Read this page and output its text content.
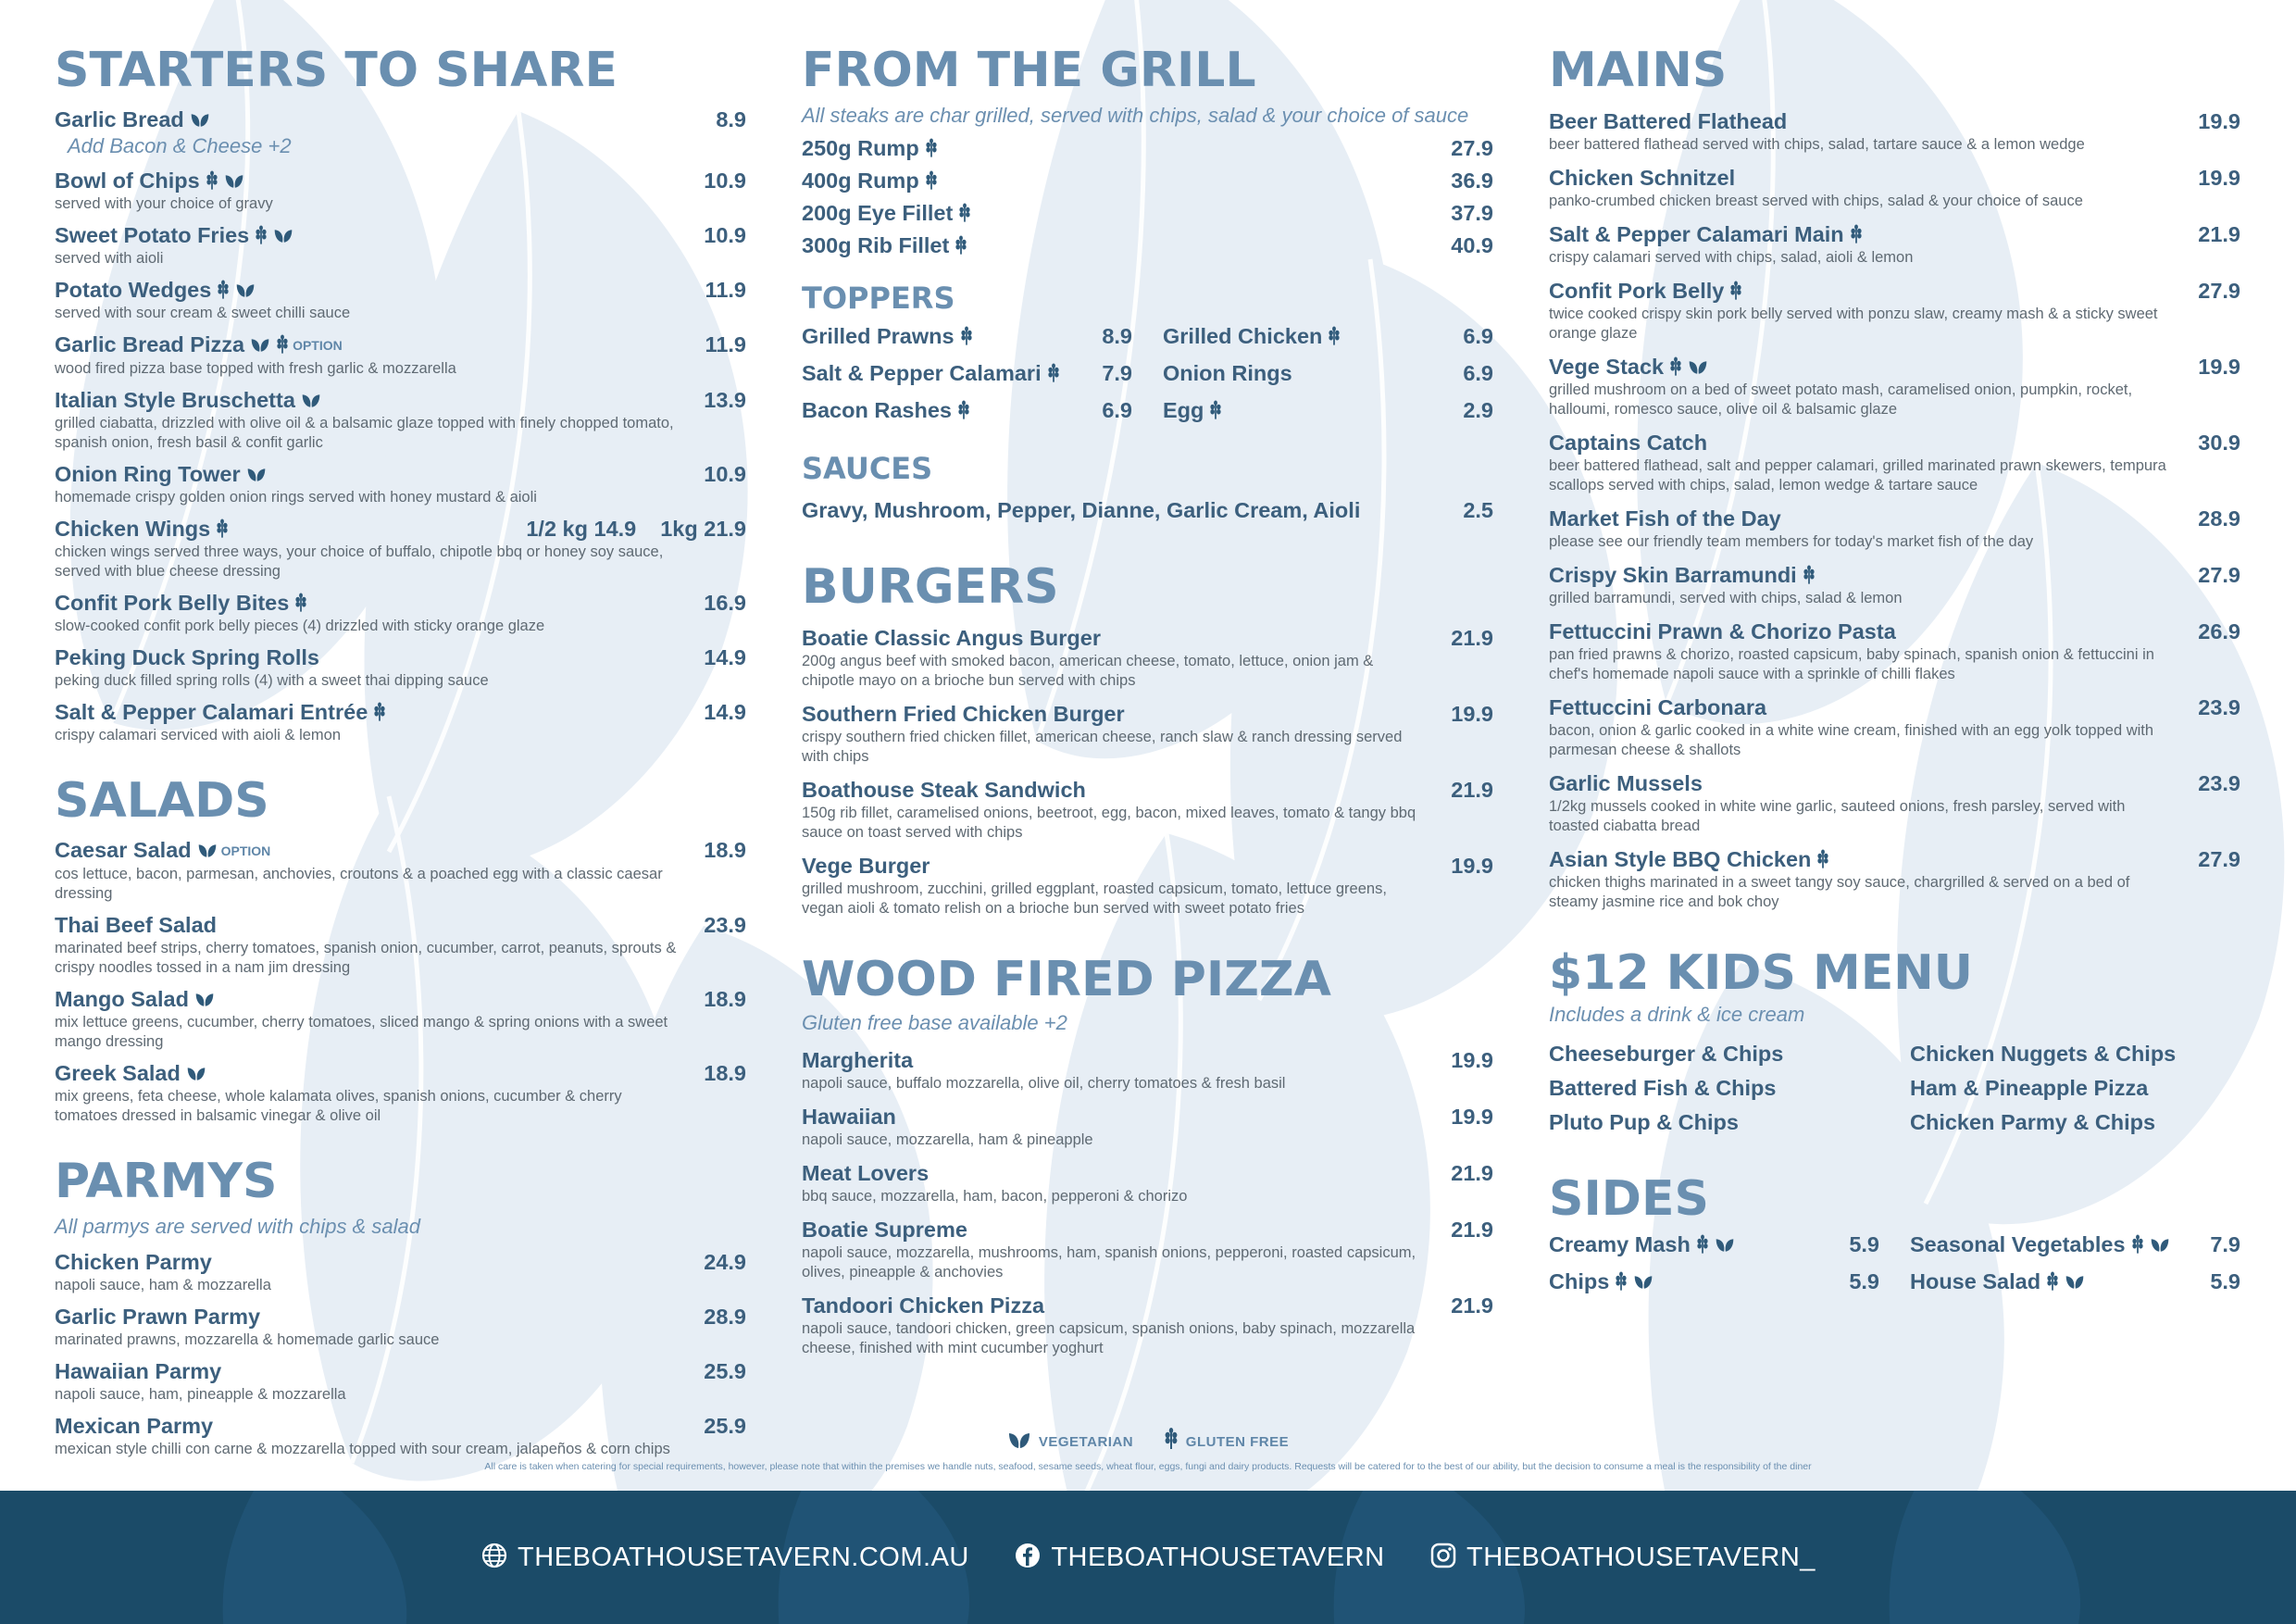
STARTERS TO SHARE
Garlic Bread	8.9
Add Bacon & Cheese +2
Bowl of Chips	10.9
served with your choice of gravy
Sweet Potato Fries	10.9
served with aioli
Potato Wedges	11.9
served with sour cream & sweet chilli sauce
Garlic Bread Pizza	OPTION	11.9
wood fired pizza base topped with fresh garlic & mozzarella
Italian Style Bruschetta	13.9
grilled ciabatta, drizzled with olive oil & a balsamic glaze topped with finely chopped tomato, spanish onion, fresh basil & confit garlic
Onion Ring Tower	10.9
homemade crispy golden onion rings served with honey mustard & aioli
Chicken Wings	1/2 kg 14.9 1kg 21.9
chicken wings served three ways, your choice of buffalo, chipotle bbq or honey soy sauce, served with blue cheese dressing
Confit Pork Belly Bites	16.9
slow-cooked confit pork belly pieces (4) drizzled with sticky orange glaze
Peking Duck Spring Rolls	14.9
peking duck filled spring rolls (4) with a sweet thai dipping sauce
Salt & Pepper Calamari Entrée	14.9
crispy calamari serviced with aioli & lemon
SALADS
Caesar Salad OPTION	18.9
cos lettuce, bacon, parmesan, anchovies, croutons & a poached egg with a classic caesar dressing
Thai Beef Salad	23.9
marinated beef strips, cherry tomatoes, spanish onion, cucumber, carrot, peanuts, sprouts & crispy noodles tossed in a nam jim dressing
Mango Salad	18.9
mix lettuce greens, cucumber, cherry tomatoes, sliced mango & spring onions with a sweet mango dressing
Greek Salad	18.9
mix greens, feta cheese, whole kalamata olives, spanish onions, cucumber & cherry tomatoes dressed in balsamic vinegar & olive oil
PARMYS
All parmys are served with chips & salad
Chicken Parmy	24.9
napoli sauce, ham & mozzarella
Garlic Prawn Parmy	28.9
marinated prawns, mozzarella & homemade garlic sauce
Hawaiian Parmy	25.9
napoli sauce, ham, pineapple & mozzarella
Mexican Parmy	25.9
mexican style chilli con carne & mozzarella topped with sour cream, jalapeños & corn chips
FROM THE GRILL
All steaks are char grilled, served with chips, salad & your choice of sauce
250g Rump	27.9
400g Rump	36.9
200g Eye Fillet	37.9
300g Rib Fillet	40.9
TOPPERS
Grilled Prawns	8.9 Grilled Chicken	6.9
Salt & Pepper Calamari	7.9 Onion Rings	6.9
Bacon Rashes	6.9 Egg	2.9
SAUCES
Gravy, Mushroom, Pepper, Dianne, Garlic Cream, Aioli	2.5
BURGERS
Boatie Classic Angus Burger	21.9
200g angus beef with smoked bacon, american cheese, tomato, lettuce, onion jam & chipotle mayo on a brioche bun served with chips
Southern Fried Chicken Burger	19.9
crispy southern fried chicken fillet, american cheese, ranch slaw & ranch dressing served with chips
Boathouse Steak Sandwich	21.9
150g rib fillet, caramelised onions, beetroot, egg, bacon, mixed leaves, tomato & tangy bbq sauce on toast served with chips
Vege Burger	19.9
grilled mushroom, zucchini, grilled eggplant, roasted capsicum, tomato, lettuce greens, vegan aioli & tomato relish on a brioche bun served with sweet potato fries
WOOD FIRED PIZZA
Gluten free base available +2
Margherita	19.9
napoli sauce, buffalo mozzarella, olive oil, cherry tomatoes & fresh basil
Hawaiian	19.9
napoli sauce, mozzarella, ham & pineapple
Meat Lovers	21.9
bbq sauce, mozzarella, ham, bacon, pepperoni & chorizo
Boatie Supreme	21.9
napoli sauce, mozzarella, mushrooms, ham, spanish onions, pepperoni, roasted capsicum, olives, pineapple & anchovies
Tandoori Chicken Pizza	21.9
napoli sauce, tandoori chicken, green capsicum, spanish onions, baby spinach, mozzarella cheese, finished with mint cucumber yoghurt
MAINS
Beer Battered Flathead	19.9
beer battered flathead served with chips, salad, tartare sauce & a lemon wedge
Chicken Schnitzel	19.9
panko-crumbed chicken breast served with chips, salad & your choice of sauce
Salt & Pepper Calamari Main	21.9
crispy calamari served with chips, salad, aioli & lemon
Confit Pork Belly	27.9
twice cooked crispy skin pork belly served with ponzu slaw, creamy mash & a sticky sweet orange glaze
Vege Stack	19.9
grilled mushroom on a bed of sweet potato mash, caramelised onion, pumpkin, rocket, halloumi, romesco sauce, olive oil & balsamic glaze
Captains Catch	30.9
beer battered flathead, salt and pepper calamari, grilled marinated prawn skewers, tempura scallops served with chips, salad, lemon wedge & tartare sauce
Market Fish of the Day	28.9
please see our friendly team members for today's market fish of the day
Crispy Skin Barramundi	27.9
grilled barramundi, served with chips, salad & lemon
Fettuccini Prawn & Chorizo Pasta	26.9
pan fried prawns & chorizo, roasted capsicum, baby spinach, spanish onion & fettuccini in chef's homemade napoli sauce with a sprinkle of chilli flakes
Fettuccini Carbonara	23.9
bacon, onion & garlic cooked in a white wine cream, finished with an egg yolk topped with parmesan cheese & shallots
Garlic Mussels	23.9
1/2kg mussels cooked in white wine garlic, sauteed onions, fresh parsley, served with toasted ciabatta bread
Asian Style BBQ Chicken	27.9
chicken thighs marinated in a sweet tangy soy sauce, chargrilled & served on a bed of steamy jasmine rice and bok choy
$12 KIDS MENU
Includes a drink & ice cream
Cheeseburger & Chips	Chicken Nuggets & Chips
Battered Fish & Chips	Ham & Pineapple Pizza
Pluto Pup & Chips	Chicken Parmy & Chips
SIDES
Creamy Mash	5.9 Seasonal Vegetables	7.9
Chips	5.9 House Salad	5.9
VEGETARIAN	GLUTEN FREE
All care is taken when catering for special requirements, however, please note that within the premises we handle nuts, seafood, sesame seeds, wheat flour, eggs, fungi and dairy products. Requests will be catered for to the best of our ability, but the decision to consume a meal is the responsibility of the diner
THEBOATHOUSETAVERN.COM.AU	THEBOATHOUSETAVERN	THEBOATHOUSETAVERN_
